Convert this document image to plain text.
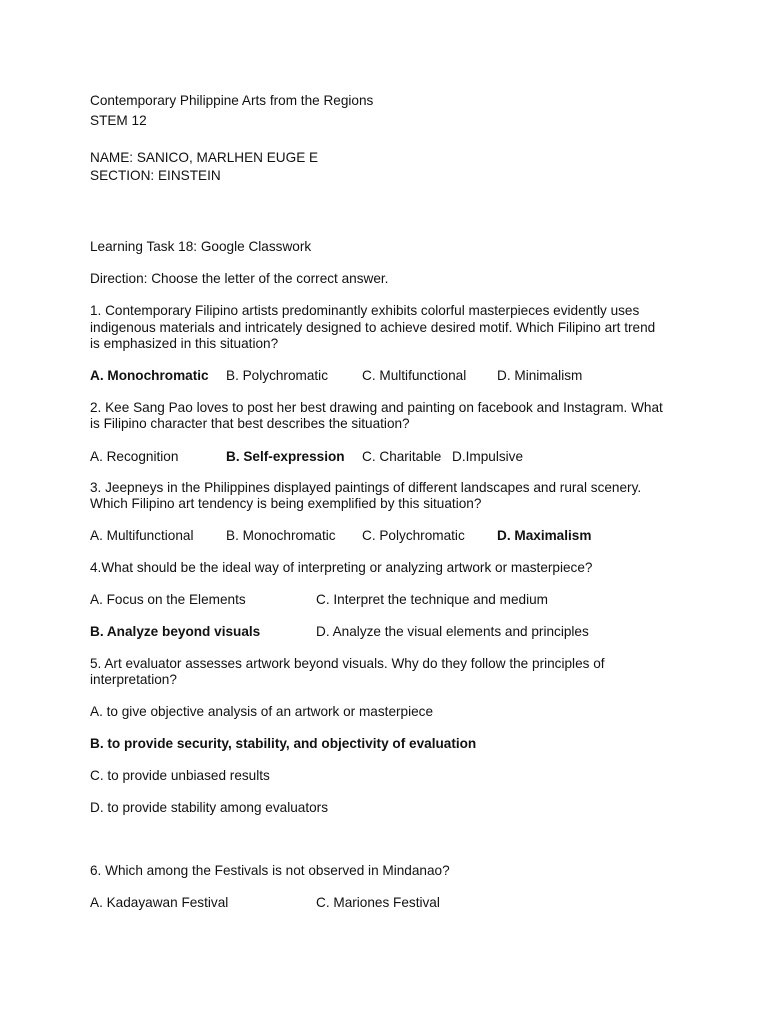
Contemporary Philippine Arts from the Regions
STEM 12
NAME: SANICO, MARLHEN EUGE E
SECTION: EINSTEIN
Learning Task 18: Google Classwork
Direction: Choose the letter of the correct answer.
1. Contemporary Filipino artists predominantly exhibits colorful masterpieces evidently uses
indigenous materials and intricately designed to achieve desired motif. Which Filipino art trend
is emphasized in this situation?
A. Monochromatic B. Polychromatic	C. Multifunctional D. Minimalism
2. Kee Sang Pao loves to post her best drawing and painting on facebook and Instagram. What
is Filipino character that best describes the situation?
A. Recognition	B. Self-expression C. Charitable D.Impulsive
3. Jeepneys in the Philippines displayed paintings of different landscapes and rural scenery.
Which Filipino art tendency is being exemplified by this situation?
A. Multifunctional B. Monochromatic C. Polychromatic D. Maximalism
4.What should be the ideal way of interpreting or analyzing artwork or masterpiece?
A. Focus on the Elements	C. Interpret the technique and medium
B. Analyze beyond visuals	D. Analyze the visual elements and principles
5. Art evaluator assesses artwork beyond visuals. Why do they follow the principles of
interpretation?
A. to give objective analysis of an artwork or masterpiece
B. to provide security, stability, and objectivity of evaluation
C. to provide unbiased results
D. to provide stability among evaluators
6. Which among the Festivals is not observed in Mindanao?
A. Kadayawan Festival	C. Mariones Festival
